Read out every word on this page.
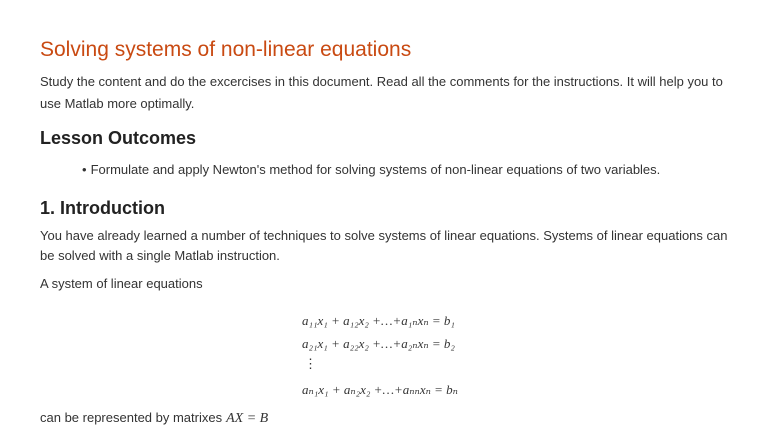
Solving systems of non-linear equations

Study the content and do the excercises in this document. Read all the comments for the instructions. It will help you to use Matlab more optimally.

Lesson Outcomes
• Formulate and apply Newton's method for solving systems of non-linear equations of two variables.
1. Introduction

You have already learned a number of techniques to solve systems of linear equations. Systems of linear equations can be solved with a single Matlab instruction.

A system of linear equations

a₁₁x₁ + a₁₂x₂ +…+a₁ₙxₙ = b₁
a₂₁x₁ + a₂₂x₂ +…+a₂ₙxₙ = b₂
⋮
aₙ₁x₁ + aₙ₂x₂ +…+aₙₙxₙ = bₙ

can be represented by matrixes AX = B
